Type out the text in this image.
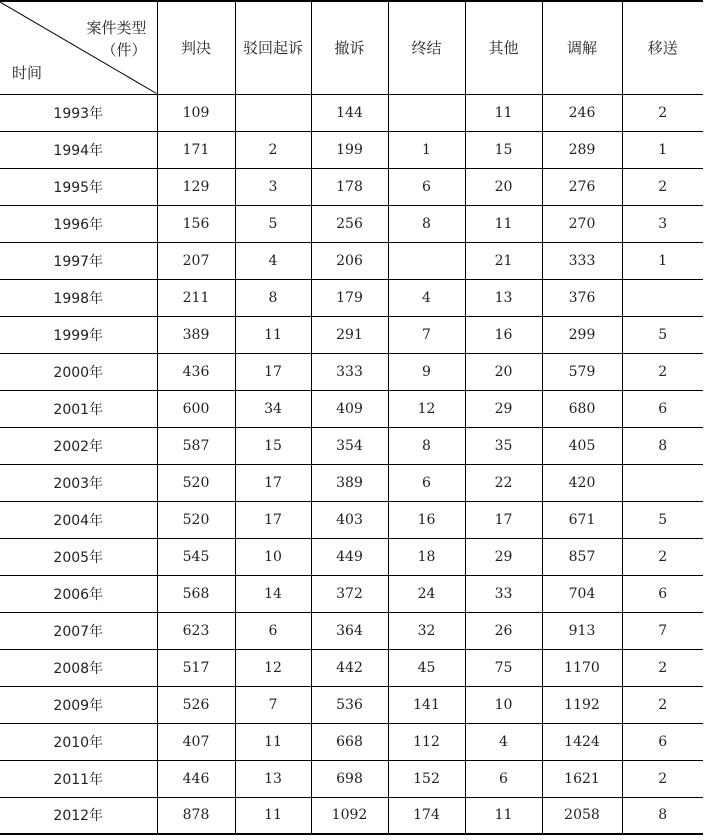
案件类型
（件）
时间	判决	驳回起诉	撤诉	终结	其他	调解	移送
1993年	109		144		11	246	2
1994年	171	2	199	1	15	289	1
1995年	129	3	178	6	20	276	2
1996年	156	5	256	8	11	270	3
1997年	207	4	206		21	333	1
1998年	211	8	179	4	13	376	
1999年	389	11	291	7	16	299	5
2000年	436	17	333	9	20	579	2
2001年	600	34	409	12	29	680	6
2002年	587	15	354	8	35	405	8
2003年	520	17	389	6	22	420	
2004年	520	17	403	16	17	671	5
2005年	545	10	449	18	29	857	2
2006年	568	14	372	24	33	704	6
2007年	623	6	364	32	26	913	7
2008年	517	12	442	45	75	1170	2
2009年	526	7	536	141	10	1192	2
2010年	407	11	668	112	4	1424	6
2011年	446	13	698	152	6	1621	2
2012年	878	11	1092	174	11	2058	8
